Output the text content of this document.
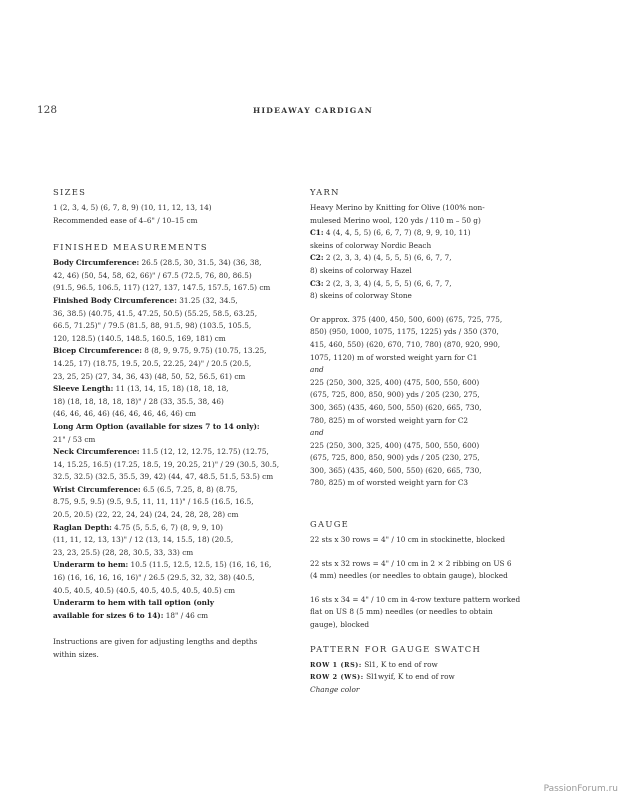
128	HIDEAWAY CARDIGAN
SIZES

1 (2, 3, 4, 5) (6, 7, 8, 9) (10, 11, 12, 13, 14)

Recommended ease of 4–6" / 10–15 cm

FINISHED MEASUREMENTS

Body Circumference: 26.5 (28.5, 30, 31.5, 34) (36, 38,

42, 46) (50, 54, 58, 62, 66)" / 67.5 (72.5, 76, 80, 86.5)

(91.5, 96.5, 106.5, 117) (127, 137, 147.5, 157.5, 167.5) cm

Finished Body Circumference: 31.25 (32, 34.5,

36, 38.5) (40.75, 41.5, 47.25, 50.5) (55.25, 58.5, 63.25,

66.5, 71.25)" / 79.5 (81.5, 88, 91.5, 98) (103.5, 105.5,

120, 128.5) (140.5, 148.5, 160.5, 169, 181) cm

Bicep Circumference: 8 (8, 9, 9.75, 9.75) (10.75, 13.25,

14.25, 17) (18.75, 19.5, 20.5, 22.25, 24)" / 20.5 (20.5,

23, 25, 25) (27, 34, 36, 43) (48, 50, 52, 56.5, 61) cm

Sleeve Length: 11 (13, 14, 15, 18) (18, 18, 18,

18) (18, 18, 18, 18, 18)" / 28 (33, 35.5, 38, 46)

(46, 46, 46, 46) (46, 46, 46, 46, 46) cm

Long Arm Option (available for sizes 7 to 14 only):

21" / 53 cm

Neck Circumference: 11.5 (12, 12, 12.75, 12.75) (12.75,

14, 15.25, 16.5) (17.25, 18.5, 19, 20.25, 21)" / 29 (30.5, 30.5,

32.5, 32.5) (32.5, 35.5, 39, 42) (44, 47, 48.5, 51.5, 53.5) cm

Wrist Circumference: 6.5 (6.5, 7.25, 8, 8) (8.75,

8.75, 9.5, 9.5) (9.5, 9.5, 11, 11, 11)" / 16.5 (16.5, 16.5,

20.5, 20.5) (22, 22, 24, 24) (24, 24, 28, 28, 28) cm

Raglan Depth: 4.75 (5, 5.5, 6, 7) (8, 9, 9, 10)

(11, 11, 12, 13, 13)" / 12 (13, 14, 15.5, 18) (20.5,

23, 23, 25.5) (28, 28, 30.5, 33, 33) cm

Underarm to hem: 10.5 (11.5, 12.5, 12.5, 15) (16, 16, 16,

16) (16, 16, 16, 16, 16)" / 26.5 (29.5, 32, 32, 38) (40.5,

40.5, 40.5, 40.5) (40.5, 40.5, 40.5, 40.5, 40.5) cm

Underarm to hem with tall option (only

available for sizes 6 to 14): 18" / 46 cm

Instructions are given for adjusting lengths and depths

within sizes.

YARN

Heavy Merino by Knitting for Olive (100% non-

mulesed Merino wool, 120 yds / 110 m – 50 g)

C1: 4 (4, 4, 5, 5) (6, 6, 7, 7) (8, 9, 9, 10, 11)

skeins of colorway Nordic Beach

C2: 2 (2, 3, 3, 4) (4, 5, 5, 5) (6, 6, 7, 7,

8) skeins of colorway Hazel

C3: 2 (2, 3, 3, 4) (4, 5, 5, 5) (6, 6, 7, 7,

8) skeins of colorway Stone

Or approx. 375 (400, 450, 500, 600) (675, 725, 775,

850) (950, 1000, 1075, 1175, 1225) yds / 350 (370,

415, 460, 550) (620, 670, 710, 780) (870, 920, 990,

1075, 1120) m of worsted weight yarn for C1

and

225 (250, 300, 325, 400) (475, 500, 550, 600)

(675, 725, 800, 850, 900) yds / 205 (230, 275,

300, 365) (435, 460, 500, 550) (620, 665, 730,

780, 825) m of worsted weight yarn for C2

and

225 (250, 300, 325, 400) (475, 500, 550, 600)

(675, 725, 800, 850, 900) yds / 205 (230, 275,

300, 365) (435, 460, 500, 550) (620, 665, 730,

780, 825) m of worsted weight yarn for C3

GAUGE

22 sts x 30 rows = 4" / 10 cm in stockinette, blocked

22 sts x 32 rows = 4" / 10 cm in 2 × 2 ribbing on US 6

(4 mm) needles (or needles to obtain gauge), blocked

16 sts x 34 = 4" / 10 cm in 4-row texture pattern worked

flat on US 8 (5 mm) needles (or needles to obtain

gauge), blocked

PATTERN FOR GAUGE SWATCH

ROW 1 (RS): Sl1, K to end of row

ROW 2 (WS): Sl1wyif, K to end of row

Change color

PassionForum.ru
